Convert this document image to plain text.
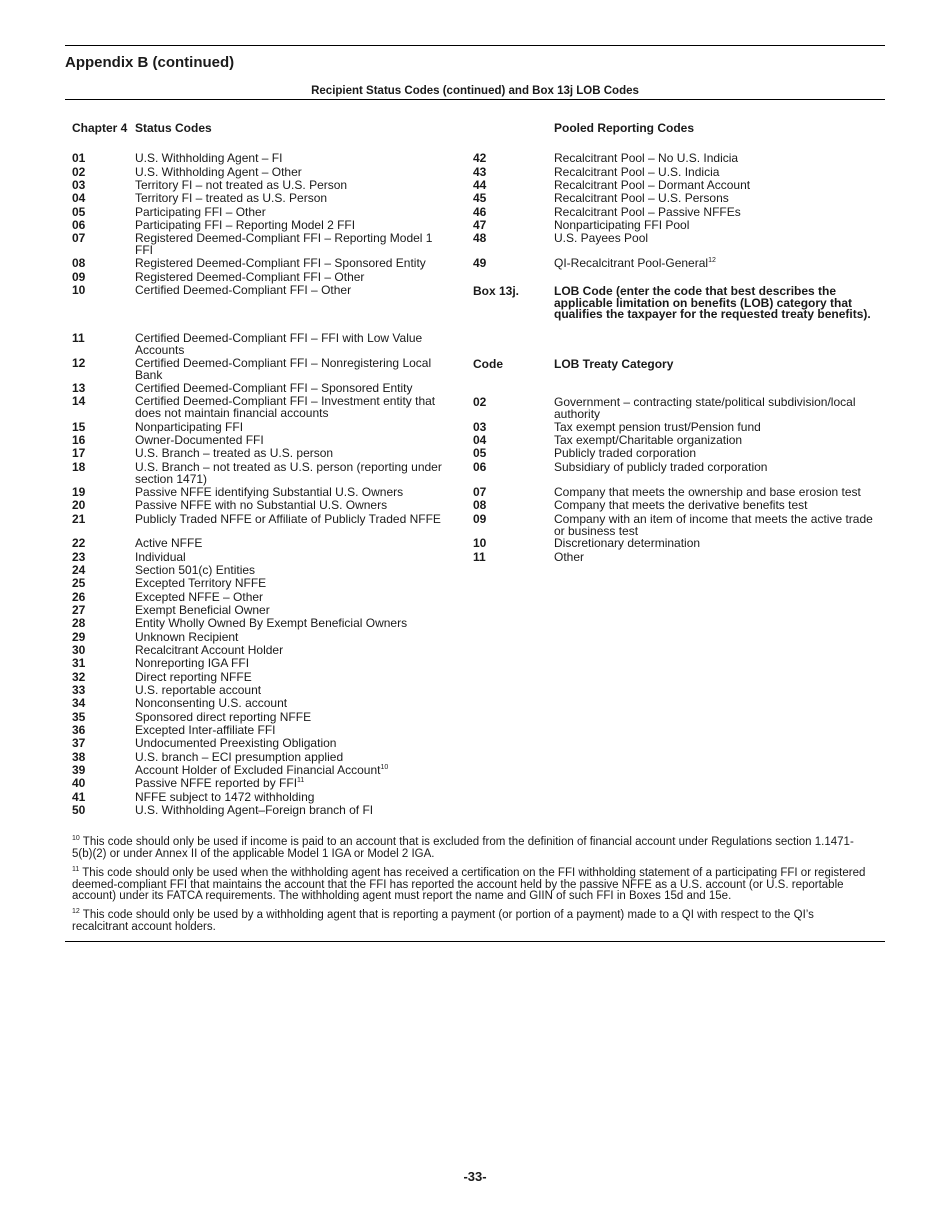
Appendix B (continued)
Recipient Status Codes (continued) and Box 13j LOB Codes
Chapter 4 Status Codes
01	U.S. Withholding Agent – FI
02	U.S. Withholding Agent – Other
03	Territory FI – not treated as U.S. Person
04	Territory FI – treated as U.S. Person
05	Participating FFI – Other
06	Participating FFI – Reporting Model 2 FFI
07	Registered Deemed-Compliant FFI – Reporting Model 1 FFI
08	Registered Deemed-Compliant FFI – Sponsored Entity
09	Registered Deemed-Compliant FFI – Other
10	Certified Deemed-Compliant FFI – Other
11	Certified Deemed-Compliant FFI – FFI with Low Value Accounts
12	Certified Deemed-Compliant FFI – Nonregistering Local Bank
13	Certified Deemed-Compliant FFI – Sponsored Entity
14	Certified Deemed-Compliant FFI – Investment entity that does not maintain financial accounts
15	Nonparticipating FFI
16	Owner-Documented FFI
17	U.S. Branch – treated as U.S. person
18	U.S. Branch – not treated as U.S. person (reporting under section 1471)
19	Passive NFFE identifying Substantial U.S. Owners
20	Passive NFFE with no Substantial U.S. Owners
21	Publicly Traded NFFE or Affiliate of Publicly Traded NFFE
22	Active NFFE
23	Individual
24	Section 501(c) Entities
25	Excepted Territory NFFE
26	Excepted NFFE – Other
27	Exempt Beneficial Owner
28	Entity Wholly Owned By Exempt Beneficial Owners
29	Unknown Recipient
30	Recalcitrant Account Holder
31	Nonreporting IGA FFI
32	Direct reporting NFFE
33	U.S. reportable account
34	Nonconsenting U.S. account
35	Sponsored direct reporting NFFE
36	Excepted Inter-affiliate FFI
37	Undocumented Preexisting Obligation
38	U.S. branch – ECI presumption applied
39	Account Holder of Excluded Financial Account$^{10}$
40	Passive NFFE reported by FFI$^{11}$
41	NFFE subject to 1472 withholding
50	U.S. Withholding Agent–Foreign branch of FI
Pooled Reporting Codes
42	Recalcitrant Pool – No U.S. Indicia
43	Recalcitrant Pool – U.S. Indicia
44	Recalcitrant Pool – Dormant Account
45	Recalcitrant Pool – U.S. Persons
46	Recalcitrant Pool – Passive NFFEs
47	Nonparticipating FFI Pool
48	U.S. Payees Pool
49	QI-Recalcitrant Pool-General$^{12}$
Box 13j.	LOB Code (enter the code that best describes the applicable limitation on benefits (LOB) category that qualifies the taxpayer for the requested treaty benefits).
Code	LOB Treaty Category
02	Government – contracting state/political subdivision/local authority
03	Tax exempt pension trust/Pension fund
04	Tax exempt/Charitable organization
05	Publicly traded corporation
06	Subsidiary of publicly traded corporation
07	Company that meets the ownership and base erosion test
08	Company that meets the derivative benefits test
09	Company with an item of income that meets the active trade or business test
10	Discretionary determination
11	Other
$^{10}$ This code should only be used if income is paid to an account that is excluded from the definition of financial account under Regulations section 1.1471-5(b)(2) or under Annex II of the applicable Model 1 IGA or Model 2 IGA.
$^{11}$ This code should only be used when the withholding agent has received a certification on the FFI withholding statement of a participating FFI or registered deemed-compliant FFI that maintains the account that the FFI has reported the account held by the passive NFFE as a U.S. account (or U.S. reportable account) under its FATCA requirements. The withholding agent must report the name and GIIN of such FFI in Boxes 15d and 15e.
$^{12}$ This code should only be used by a withholding agent that is reporting a payment (or portion of a payment) made to a QI with respect to the QI’s recalcitrant account holders.
-33-
